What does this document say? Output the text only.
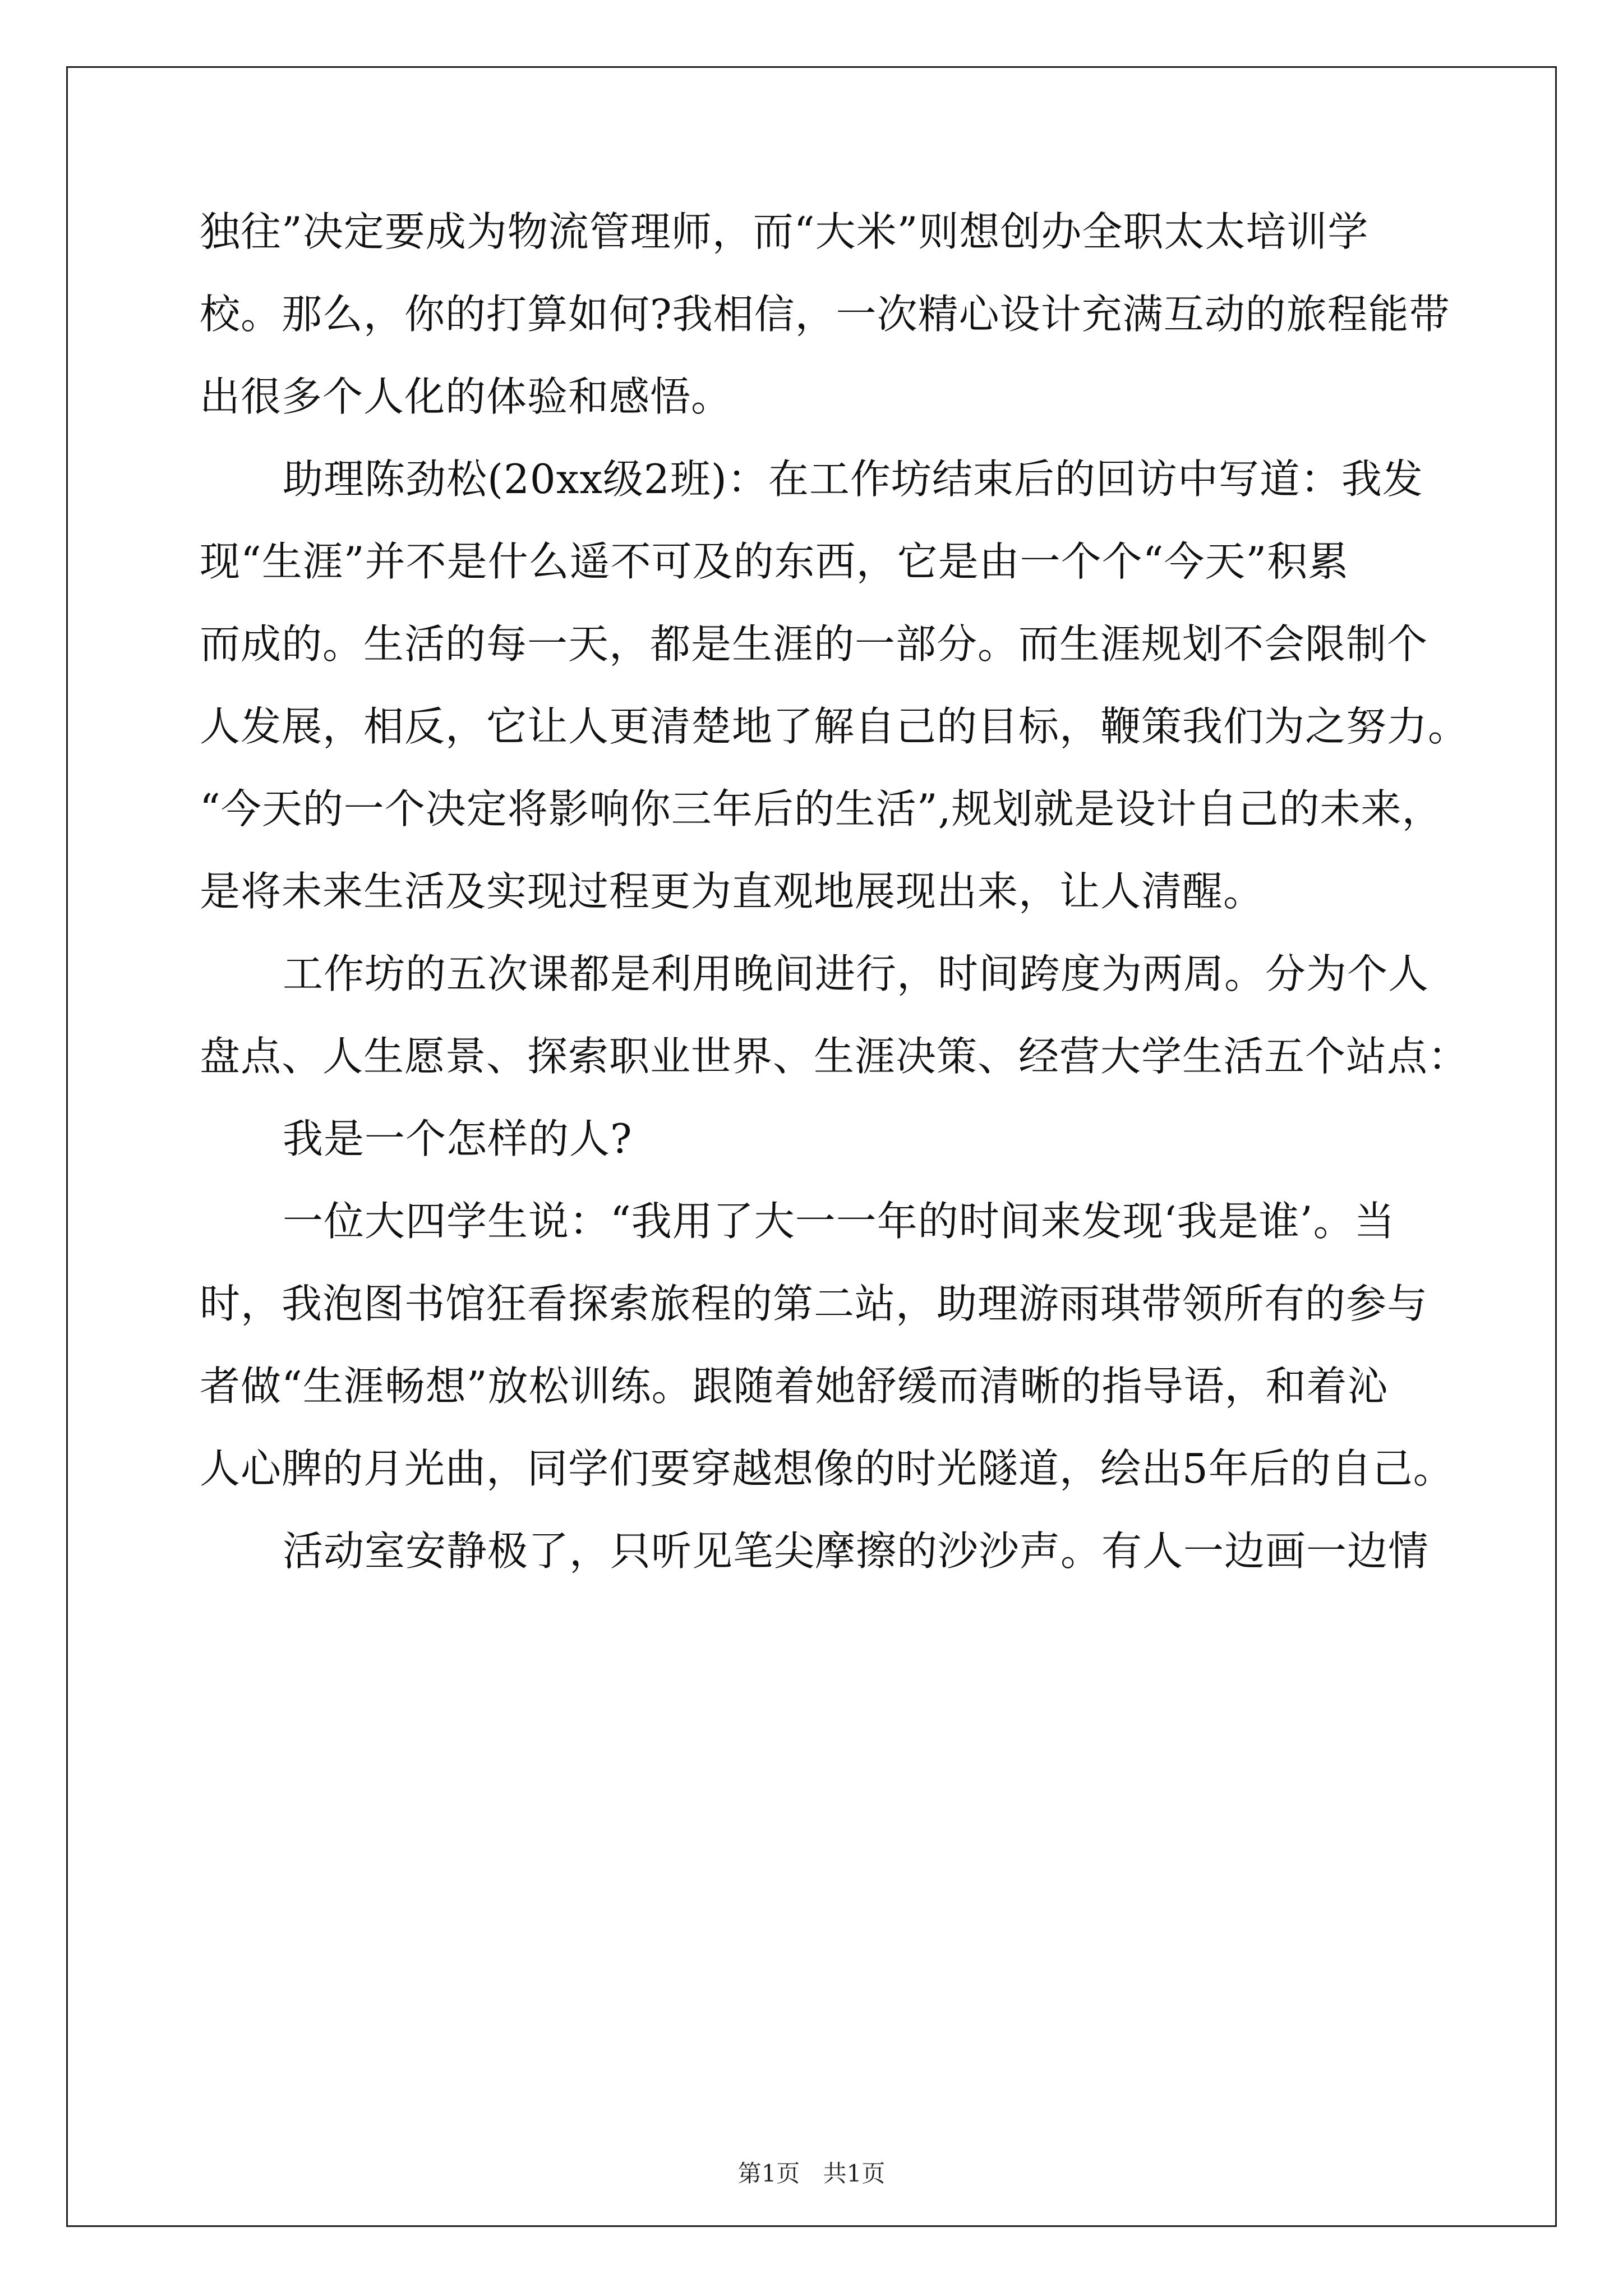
独往”决定要成为物流管理师，而“大米”则想创办全职太太培训学
校。那么，你的打算如何?我相信，一次精心设计充满互动的旅程能带
出很多个人化的体验和感悟。
助理陈劲松(20xx级2班)：在工作坊结束后的回访中写道：我发
现“生涯”并不是什么遥不可及的东西，它是由一个个“今天”积累
而成的。生活的每一天，都是生涯的一部分。而生涯规划不会限制个
人发展，相反，它让人更清楚地了解自己的目标，鞭策我们为之努力。
“今天的一个决定将影响你三年后的生活”,规划就是设计自己的未来，
是将未来生活及实现过程更为直观地展现出来，让人清醒。
工作坊的五次课都是利用晚间进行，时间跨度为两周。分为个人
盘点、人生愿景、探索职业世界、生涯决策、经营大学生活五个站点：
我是一个怎样的人?
一位大四学生说：“我用了大一一年的时间来发现‘我是谁’。当
时，我泡图书馆狂看探索旅程的第二站，助理游雨琪带领所有的参与
者做“生涯畅想”放松训练。跟随着她舒缓而清晰的指导语，和着沁
人心脾的月光曲，同学们要穿越想像的时光隧道，绘出5年后的自己。
活动室安静极了，只听见笔尖摩擦的沙沙声。有人一边画一边情
第1页 共1页
